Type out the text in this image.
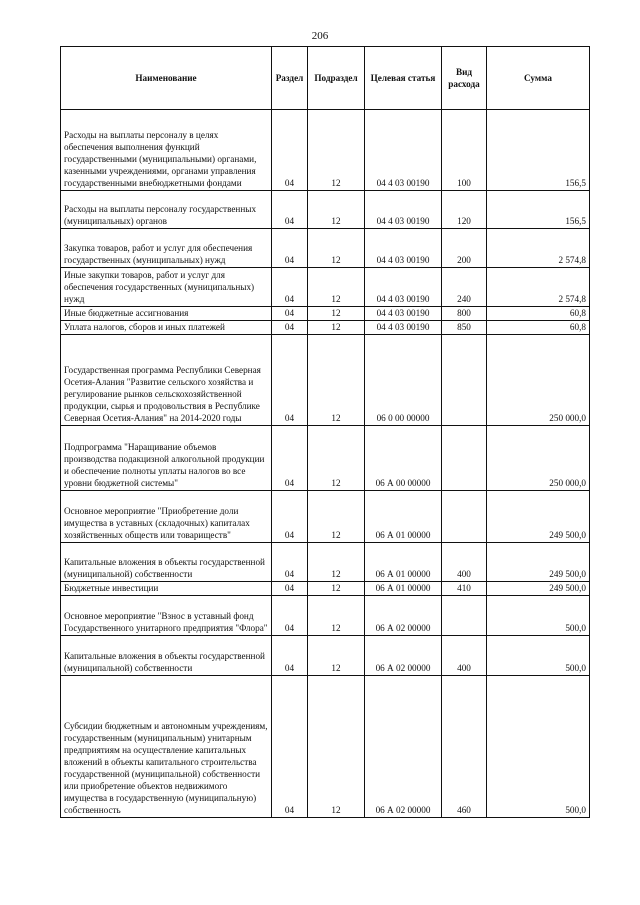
206
Наименование	Раздел	Подраздел	Целевая статья	Вид расхода	Сумма
Расходы на выплаты персоналу в целях обеспечения выполнения функций государственными (муниципальными) органами, казенными учреждениями, органами управления государственными внебюджетными фондами	04	12	04 4 03 00190	100	156,5
Расходы на выплаты персоналу государственных (муниципальных) органов	04	12	04 4 03 00190	120	156,5
Закупка товаров, работ и услуг для обеспечения государственных (муниципальных) нужд	04	12	04 4 03 00190	200	2 574,8
Иные закупки товаров, работ и услуг для обеспечения государственных (муниципальных) нужд	04	12	04 4 03 00190	240	2 574,8
Иные бюджетные ассигнования	04	12	04 4 03 00190	800	60,8
Уплата налогов, сборов и иных платежей	04	12	04 4 03 00190	850	60,8
Государственная программа Республики Северная Осетия-Алания "Развитие сельского хозяйства и регулирование рынков сельскохозяйственной продукции, сырья и продовольствия в Республике Северная Осетия-Алания" на 2014-2020 годы	04	12	06 0 00 00000		250 000,0
Подпрограмма "Наращивание объемов производства подакцизной алкогольной продукции и обеспечение полноты уплаты налогов во все уровни бюджетной системы"	04	12	06 А 00 00000		250 000,0
Основное мероприятие "Приобретение доли имущества в уставных (складочных) капиталах хозяйственных обществ или товариществ"	04	12	06 А 01 00000		249 500,0
Капитальные вложения в объекты государственной (муниципальной) собственности	04	12	06 А 01 00000	400	249 500,0
Бюджетные инвестиции	04	12	06 А 01 00000	410	249 500,0
Основное мероприятие "Взнос в уставный фонд Государственного унитарного предприятия "Флора"	04	12	06 А 02 00000		500,0
Капитальные вложения в объекты государственной (муниципальной) собственности	04	12	06 А 02 00000	400	500,0
Субсидии бюджетным и автономным учреждениям, государственным (муниципальным) унитарным предприятиям на осуществление капитальных вложений в объекты капитального строительства государственной (муниципальной) собственности или приобретение объектов недвижимого имущества в государственную (муниципальную) собственность	04	12	06 А 02 00000	460	500,0
